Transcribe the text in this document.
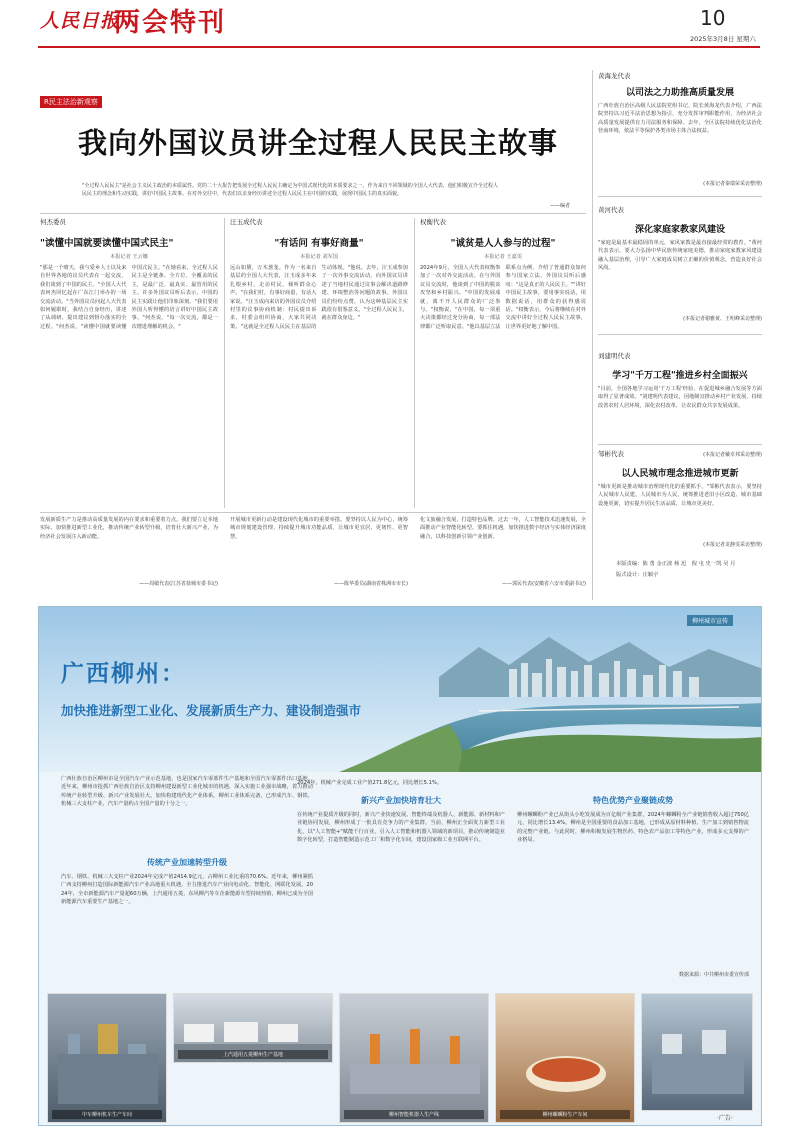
人民日报
两会特刊	10
2025年3月8日 星期六
R民主法治新观察
我向外国议员讲全过程人民民主故事
"全过程人民民主"是社会主义民主政治的本质属性。党的二十大报告把发展全过程人民民主确定为中国式现代化的本质要求之一。作为来自不同领域的全国人大代表，他们积极宣介全过程人民民主的理念和生动实践，讲好中国民主故事。在对外交往中，代表们以亲身经历讲述全过程人民民主在中国的实践，展现中国民主的真实面貌。
——编者
何杰委员
"读懂中国就要读懂中国式民主"
本报记者 王云娜
"那是一个晴天，我与爱乡人士以及来自世界各地的议员代表在一起交流，我们谈到了中国的民主。"全国人大代表何杰回忆起在广东江门举办的一场交流活动。"当外国议员问起人大代表如何履职时，我结合自身经历，讲述了从调研、提出建议到督办落实的全过程。"何杰说，"读懂中国就要读懂中国式民主。"在她看来，全过程人民民主是全链条、全方位、全覆盖的民主，是最广泛、最真实、最管用的民主。许多外国议员听后表示，中国的民主实践让他们印象深刻。"我们要用外国人听得懂的语言讲好中国民主故事。"何杰说，"每一次交流，都是一次增进理解的机会。"
汪玉成代表
"有话问 有事好商量"
本报记者 刘军国
远山如黛，万木葱茏。作为一名来自基层的全国人大代表，汪玉成多年来扎根乡村，走访村民，倾听群众心声。"在我们村，有事好商量，有话大家说。"汪玉成向来访的外国议员介绍村里的议事协商机制：村民提出诉求，村委会组织协商，大家共同决策。"这就是全过程人民民主在基层的生动体现。"他说。去年，汪玉成参加了一次外事交流活动，向外国议员讲述了当地村民通过议事会解决道路修建、环境整治等问题的故事。外国议员们纷纷点赞，认为这种基层民主实践很有借鉴意义。"全过程人民民主，就在群众身边。"
权衡代表
"诚贫是人人参与的过程"
本报记者 王嘉雯
2024年9月，全国人大代表权衡参加了一次对外交流活动。在与外国议员交流时，他谈到了中国的脱贫攻坚和乡村振兴。"中国的发展成就，离不开人民群众的广泛参与。"权衡说，"在中国，每一项重大决策都经过充分协商，每一部法律都广泛听取民意。"他以基层立法联系点为例，介绍了普通群众如何参与国家立法。外国议员听后感叹："这是真正的人民民主。""讲好中国民主故事，要用事实说话，用数据说话，用群众的获得感说话。"权衡表示，今后将继续在对外交流中讲好全过程人民民主故事，让世界更好地了解中国。
发展新质生产力是推动高质量发展的内在要求和重要着力点。我们要立足本地实际，加快推进新型工业化，推动传统产业转型升级，培育壮大新兴产业，为经济社会发展注入新动能。
——周敏代表(江苏省盐城市委书记)
开展城市更新行动是建设现代化城市的重要举措。要坚持以人民为中心，统筹城市规划建设管理，持续提升城市功能品质，让城市更宜居、更韧性、更智慧。
——陈华委员(湖南省株洲市市长)
化文旅融合发展，打造特色品牌。过去一年，人工智能技术迅速发展，全面推动产业智能化转型。要抓住机遇，加快推进数字经济与实体经济深度融合，以科技创新引领产业创新。
——郭民代表(安徽省六安市委副书记)
黄海龙代表
以司法之力助推高质量发展
广西壮族自治区高级人民法院党组书记、院长黄海龙代表介绍，广西法院坚持以习近平法治思想为指引，充分发挥审判职能作用，为经济社会高质量发展提供有力司法服务和保障。去年，全区法院持续优化法治化营商环境，依法平等保护各类市场主体合法权益。
(本报记者秦瑞荣采访整理)
黄河代表
深化家庭家教家风建设
"家庭是最基本最稳固的单元，家风家教是最直接最经常的教育。"黄河代表表示，要大力弘扬中华民族传统家庭美德，推动家庭家教家风建设融入基层治理，引导广大家庭成员树立正确的价值观念，营造良好社会风尚。
(本报记者谢雅黄、王明峰采访整理)
刘建明代表
学习"千万工程"推进乡村全面振兴
"目前，全国各地学习运用'千万工程'经验，在促进城乡融合发展等方面取得了显著成效。"刘建明代表建议，因地制宜推动乡村产业发展，持续改善农村人居环境，深化农村改革，让农民群众共享发展成果。
(本报记者戴卓邦采访整理)
邹彬代表
以人民城市理念推进城市更新
"城市更新是推动城市治理现代化的重要抓手。"邹彬代表表示，要坚持人民城市人民建、人民城市为人民，统筹推进老旧小区改造、城市基础设施更新，切实提升居民生活品质，让城市更美好。
(本报记者龙静雯采访整理)
本版责编：陈 勇 金正波 杨 迅　倪 屯 史一凯 吴 月
版式设计：庄颖宇
柳州城市宣传
广西柳州：
加快推进新型工业化、发展新质生产力、建设制造强市
广西壮族自治区柳州市是全国汽车产业示范基地，也是国家汽车零部件生产基地和全国汽车零部件出口基地。近年来，柳州市抢抓广西壮族自治区支持柳州建设新型工业化城市的机遇，深入实施工业强市战略，着力推动传统产业转型升级、新兴产业发展壮大，加快构建现代化产业体系。柳州工业体系完备，已形成汽车、钢铁、机械三大支柱产业，汽车产量约占全国产量的十分之一。
传统产业加速转型升级
汽车、钢铁、机械三大支柱产业2024年完成产值2414.9亿元，占柳州工业比重的70.6%。近年来，柳州紧抓广西支持柳州打造国际新能源汽车产业高地重大机遇，全力推进汽车产业向电动化、智能化、网联化发展。2024年，全市新能源汽车产量超60万辆，上汽通用五菱、东风柳汽等车企新能源车型持续热销，柳州已成为全国新能源汽车重要生产基地之一。
2024年，机械产业完成工业产值271.8亿元，同比增长5.1%。
新兴产业加快培育壮大
在传统产业提质升级的同时，新兴产业快速发展。智能终端及机器人、新能源、新材料和产业链协同发展，柳州形成了一批具有竞争力的产业集群。当前，柳州正全面发力新型工业化，以"人工智能+"赋能千行百业，引入人工智能和机器人领域的新项目，推动传统制造业数字化转型，打造智能制造示范工厂和数字化车间，建设国家级工业互联网平台。
特色优势产业聚链成势
柳州螺蛳粉产业已从街头小吃发展成为百亿级产业集群，2024年螺蛳粉全产业链销售收入超过750亿元，同比增长13.4%。柳州是全国重要的食品加工基地，已形成从原材料种植、生产加工到销售物流的完整产业链。与此同时，柳州积极发展生物医药、特色农产品加工等特色产业，形成多元支撑的产业格局。
数据来源：中共柳州市委宣传部
中车柳州机车生产车间
上汽通用五菱柳州生产基地
柳州智能机器人生产线	柳州螺蛳粉生产车间	·广告·
